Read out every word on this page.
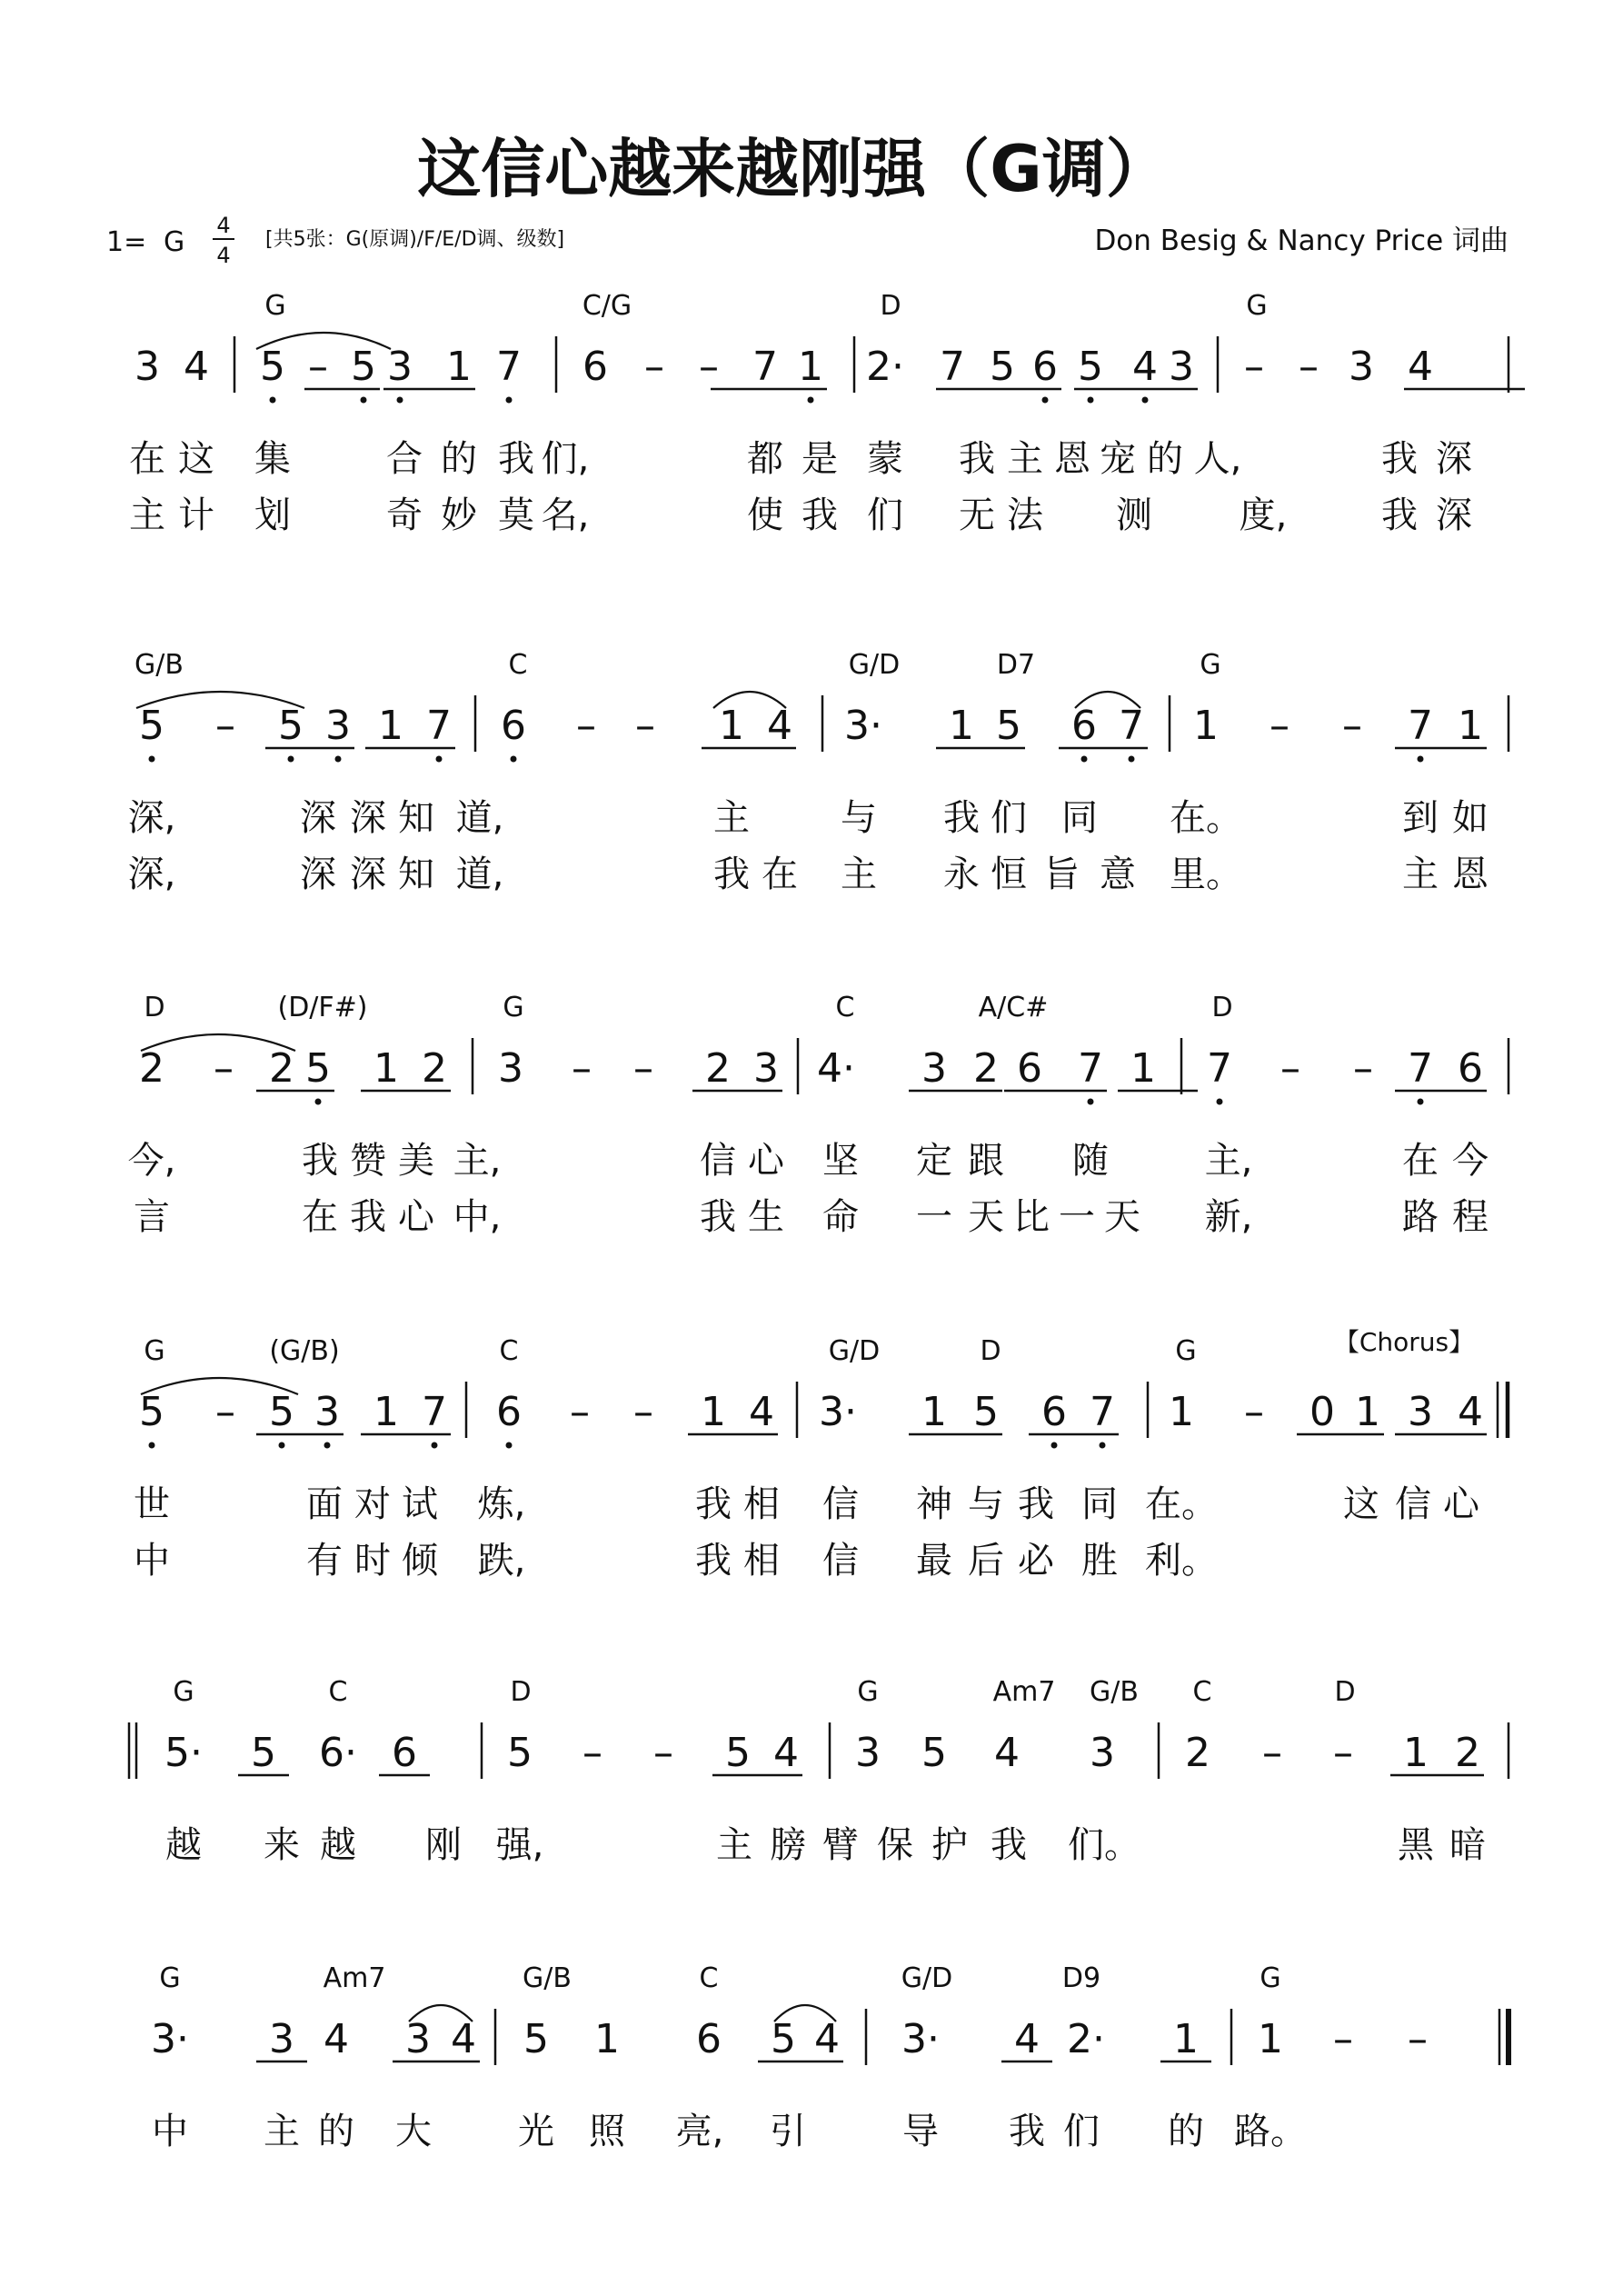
这信心越来越刚强（G调）
1= G
4
4
[共5张：G(原调)/F/E/D调、级数]	Don Besig & Nancy Price 词曲
G	C/G	D	G
3 4 5 – 5 3 1 7 6 – – 7 1 2· 7 5 6 5 4 3 – – 3 4
在 这 集	合 的 我 们,	都 是 蒙 我 主 恩 宠 的 人,	我 深
主 计 划	奇 妙 莫 名,	使 我 们 无 法 测 度,	我 深
G/B	C	G/D	D7	G
5 – 5 3 1 7 6 – – 1 4 3· 1 5 6 7 1 – – 7 1
深,	深 深 知 道,	主	与 我 们 同 在。	到 如
深,	深 深 知 道,	我 在 主 永 恒 旨 意 里。	主 恩
D	(D/F#)	G	C	A/C#	D
2 – 2 5 1 2 3 – – 2 3 4· 3 2 6 7 1 7 – – 7 6
今,	我 赞 美 主,	信 心 坚 定 跟 随	主,	在 今
言	在 我 心 中,	我 生 命 一 天 比 一 天 新,	路 程
G	(G/B)	C	G/D	D	G
5 – 5 3 1 7 6 – – 1 4 3· 1 5 6 7 1 – 0 1 3 4
世	面 对 试 炼,	我 相 信 神 与 我 同 在。	这 信 心
中	有 时 倾 跌,	我 相 信 最 后 必 胜 利。
G	C	D	G	Am7 G/B C	D
5· 5 6· 6 5 – – 5 4 3 5 4 3 2 – – 1 2
越 来 越 刚 强,	主 膀 臂 保 护 我 们。	黑 暗
G	Am7	G/B	C	G/D	D9	G
3· 3 4 3 4 5 1 6 5 4 3· 4 2· 1 1 – –
中 主 的 大 光 照 亮, 引	导 我 们 的 路。
【Chorus】
